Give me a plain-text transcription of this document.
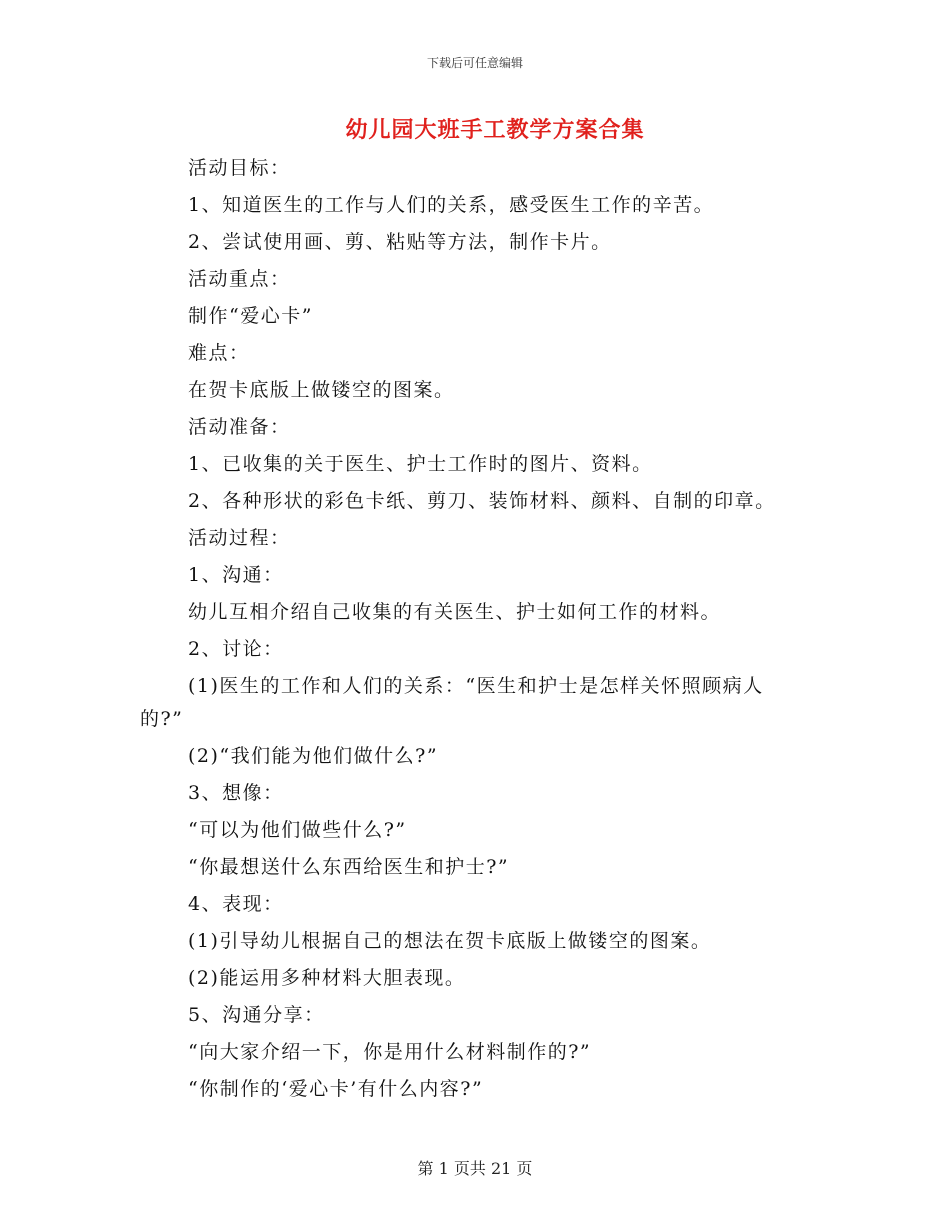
下载后可任意编辑
幼儿园大班手工教学方案合集
活动目标：
1、知道医生的工作与人们的关系，感受医生工作的辛苦。
2、尝试使用画、剪、粘贴等方法，制作卡片。
活动重点：
制作“爱心卡”
难点：
在贺卡底版上做镂空的图案。
活动准备：
1、已收集的关于医生、护士工作时的图片、资料。
2、各种形状的彩色卡纸、剪刀、装饰材料、颜料、自制的印章。
活动过程：
1、沟通：
幼儿互相介绍自己收集的有关医生、护士如何工作的材料。
2、讨论：
(1)医生的工作和人们的关系：“医生和护士是怎样关怀照顾病人
的?”
(2)“我们能为他们做什么?”
3、想像：
“可以为他们做些什么?”
“你最想送什么东西给医生和护士?”
4、表现：
(1)引导幼儿根据自己的想法在贺卡底版上做镂空的图案。
(2)能运用多种材料大胆表现。
5、沟通分享：
“向大家介绍一下，你是用什么材料制作的?”
“你制作的‘爱心卡’有什么内容?”
第 1 页共 21 页
